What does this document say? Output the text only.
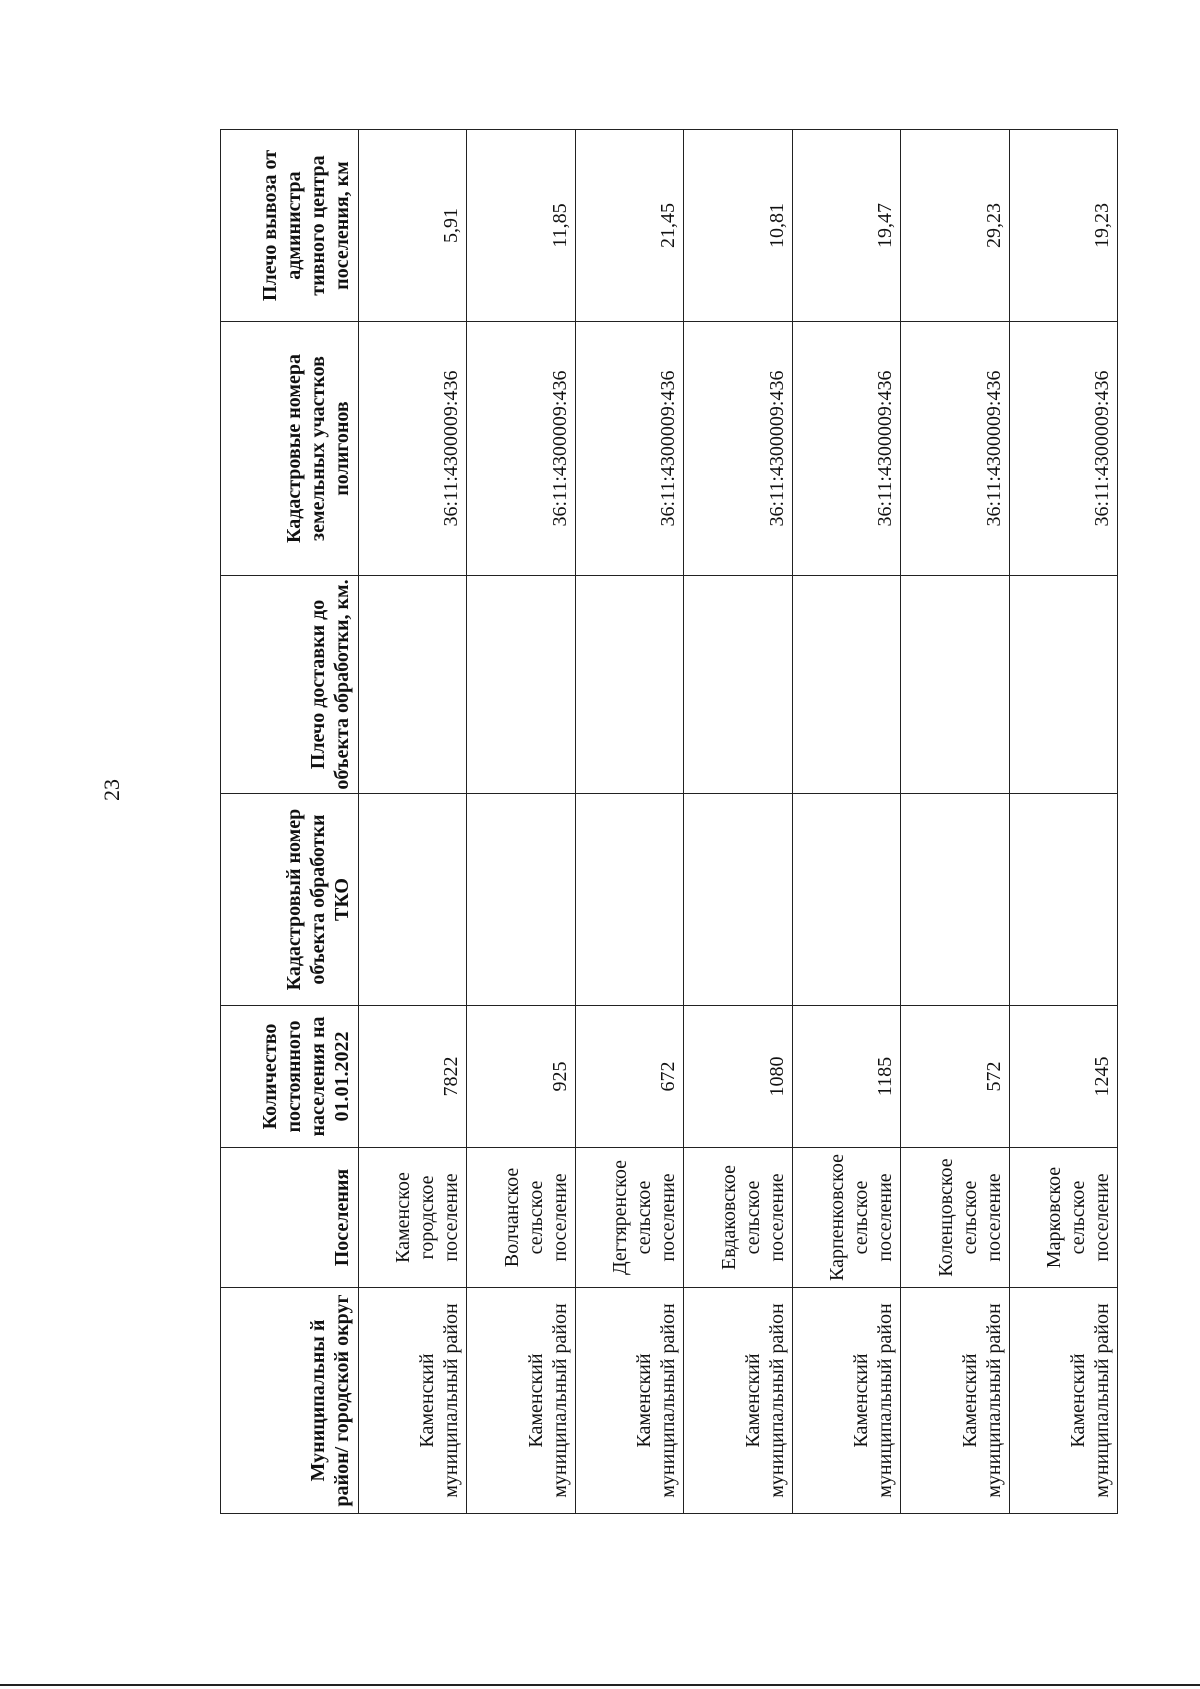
23
Муниципальны й район/ городской округ	Поселения	Количество постоянного населения на 01.01.2022	Кадастровый номер объекта обработки ТКО	Плечо доставки до объекта обработки, км.	Кадастровые номера земельных участков полигонов	Плечо вывоза от администра тивного центра поселения, км
Каменский муниципальный район	Каменское городское поселение	7822			36:11:4300009:436	5,91
Каменский муниципальный район	Волчанское сельское поселение	925			36:11:4300009:436	11,85
Каменский муниципальный район	Дегтяренское сельское поселение	672			36:11:4300009:436	21,45
Каменский муниципальный район	Евдаковское сельское поселение	1080			36:11:4300009:436	10,81
Каменский муниципальный район	Карпенковское сельское поселение	1185			36:11:4300009:436	19,47
Каменский муниципальный район	Коленцовское сельское поселение	572			36:11:4300009:436	29,23
Каменский муниципальный район	Марковское сельское поселение	1245			36:11:4300009:436	19,23
